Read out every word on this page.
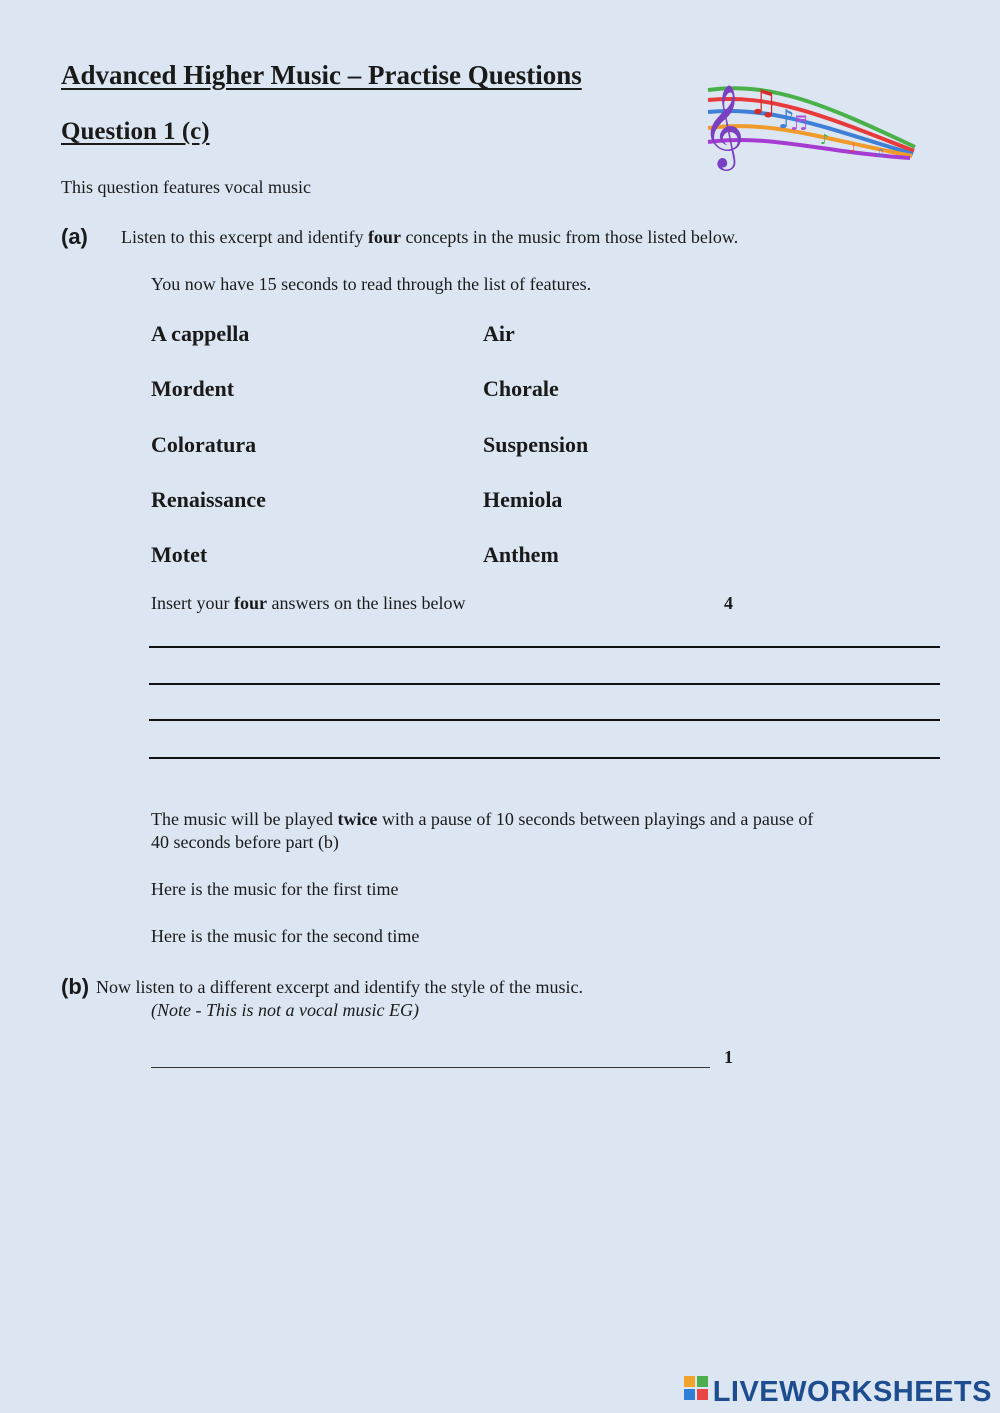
Advanced Higher Music – Practise Questions
Question 1 (c)
This question features vocal music
𝄞 ♫ ♪
♬
♪ ♩ ♫
(a) Listen to this excerpt and identify four concepts in the music from those listed below.
You now have 15 seconds to read through the list of features.
A cappella
Mordent
Coloratura
Renaissance
Motet
Air
Chorale
Suspension
Hemiola
Anthem
Insert your four answers on the lines below	4
The music will be played twice with a pause of 10 seconds between playings and a pause of
40 seconds before part (b)
Here is the music for the first time
Here is the music for the second time
(b) Now listen to a different excerpt and identify the style of the music.
(Note - This is not a vocal music EG)
1
LIVEWORKSHEETS
